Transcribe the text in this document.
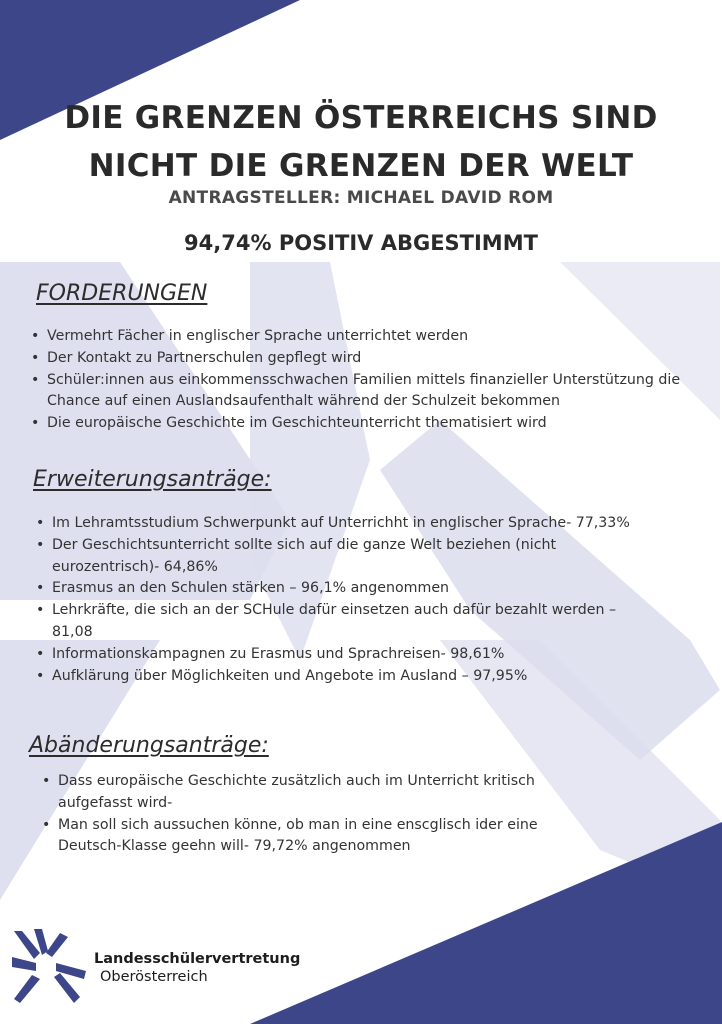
DIE GRENZEN ÖSTERREICHS SIND
NICHT DIE GRENZEN DER WELT

ANTRAGSTELLER: MICHAEL DAVID ROM

94,74% POSITIV ABGESTIMMT

FORDERUNGEN
• Vermehrt Fächer in englischer Sprache unterrichtet werden
• Der Kontakt zu Partnerschulen gepflegt wird
• Schüler:innen aus einkommensschwachen Familien mittels finanzieller Unterstützung die Chance auf einen Auslandsaufenthalt während der Schulzeit bekommen
• Die europäische Geschichte im Geschichteunterricht thematisiert wird
Erweiterungsanträge:
• Im Lehramtsstudium Schwerpunkt auf Unterrichht in englischer Sprache- 77,33%
• Der Geschichtsunterricht sollte sich auf die ganze Welt beziehen (nicht eurozentrisch)- 64,86%
• Erasmus an den Schulen stärken – 96,1% angenommen
• Lehrkräfte, die sich an der SCHule dafür einsetzen auch dafür bezahlt werden – 81,08
• Informationskampagnen zu Erasmus und Sprachreisen- 98,61%
• Aufklärung über Möglichkeiten und Angebote im Ausland – 97,95%
Abänderungsanträge:
• Dass europäische Geschichte zusätzlich auch im Unterricht kritisch aufgefasst wird-
• Man soll sich aussuchen könne, ob man in eine enscglisch ider eine Deutsch-Klasse geehn will- 79,72% angenommen

Landesschülervertretung

Oberösterreich
